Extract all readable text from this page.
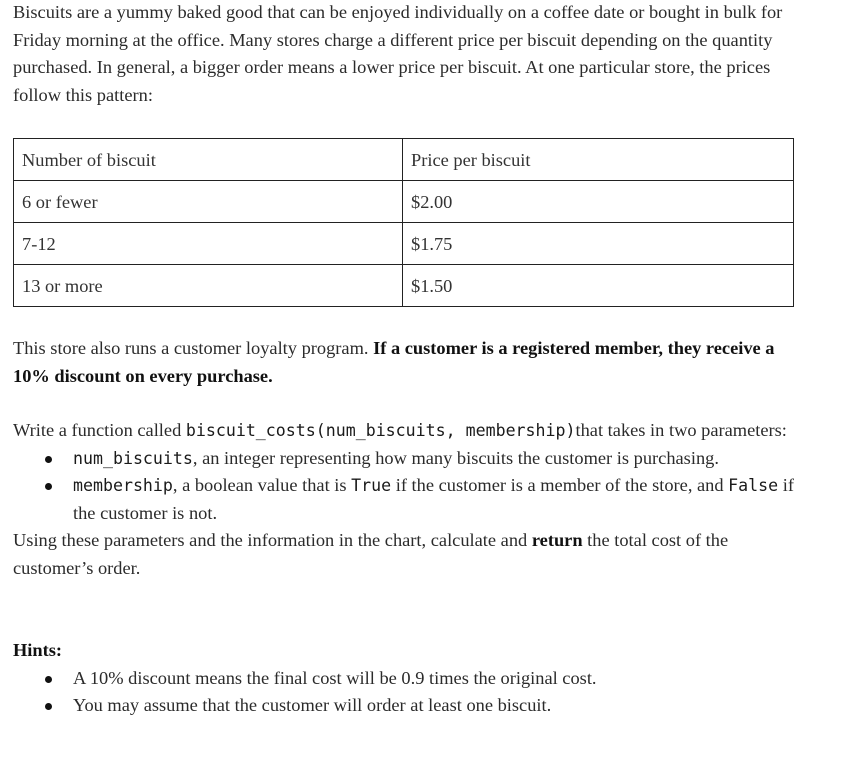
Biscuits are a yummy baked good that can be enjoyed individually on a coffee date or bought in bulk for Friday morning at the office. Many stores charge a different price per biscuit depending on the quantity purchased. In general, a bigger order means a lower price per biscuit. At one particular store, the prices follow this pattern:

Number of biscuit	Price per biscuit
6 or fewer	$2.00
7-12	$1.75
13 or more	$1.50

This store also runs a customer loyalty program. If a customer is a registered member, they receive a 10% discount on every purchase.

Write a function called biscuit_costs(num_biscuits, membership)that takes in two parameters:

num_biscuits, an integer representing how many biscuits the customer is purchasing.
membership, a boolean value that is True if the customer is a member of the store, and False if the customer is not.

Using these parameters and the information in the chart, calculate and return the total cost of the customer’s order.

Hints:

A 10% discount means the final cost will be 0.9 times the original cost.
You may assume that the customer will order at least one biscuit.
